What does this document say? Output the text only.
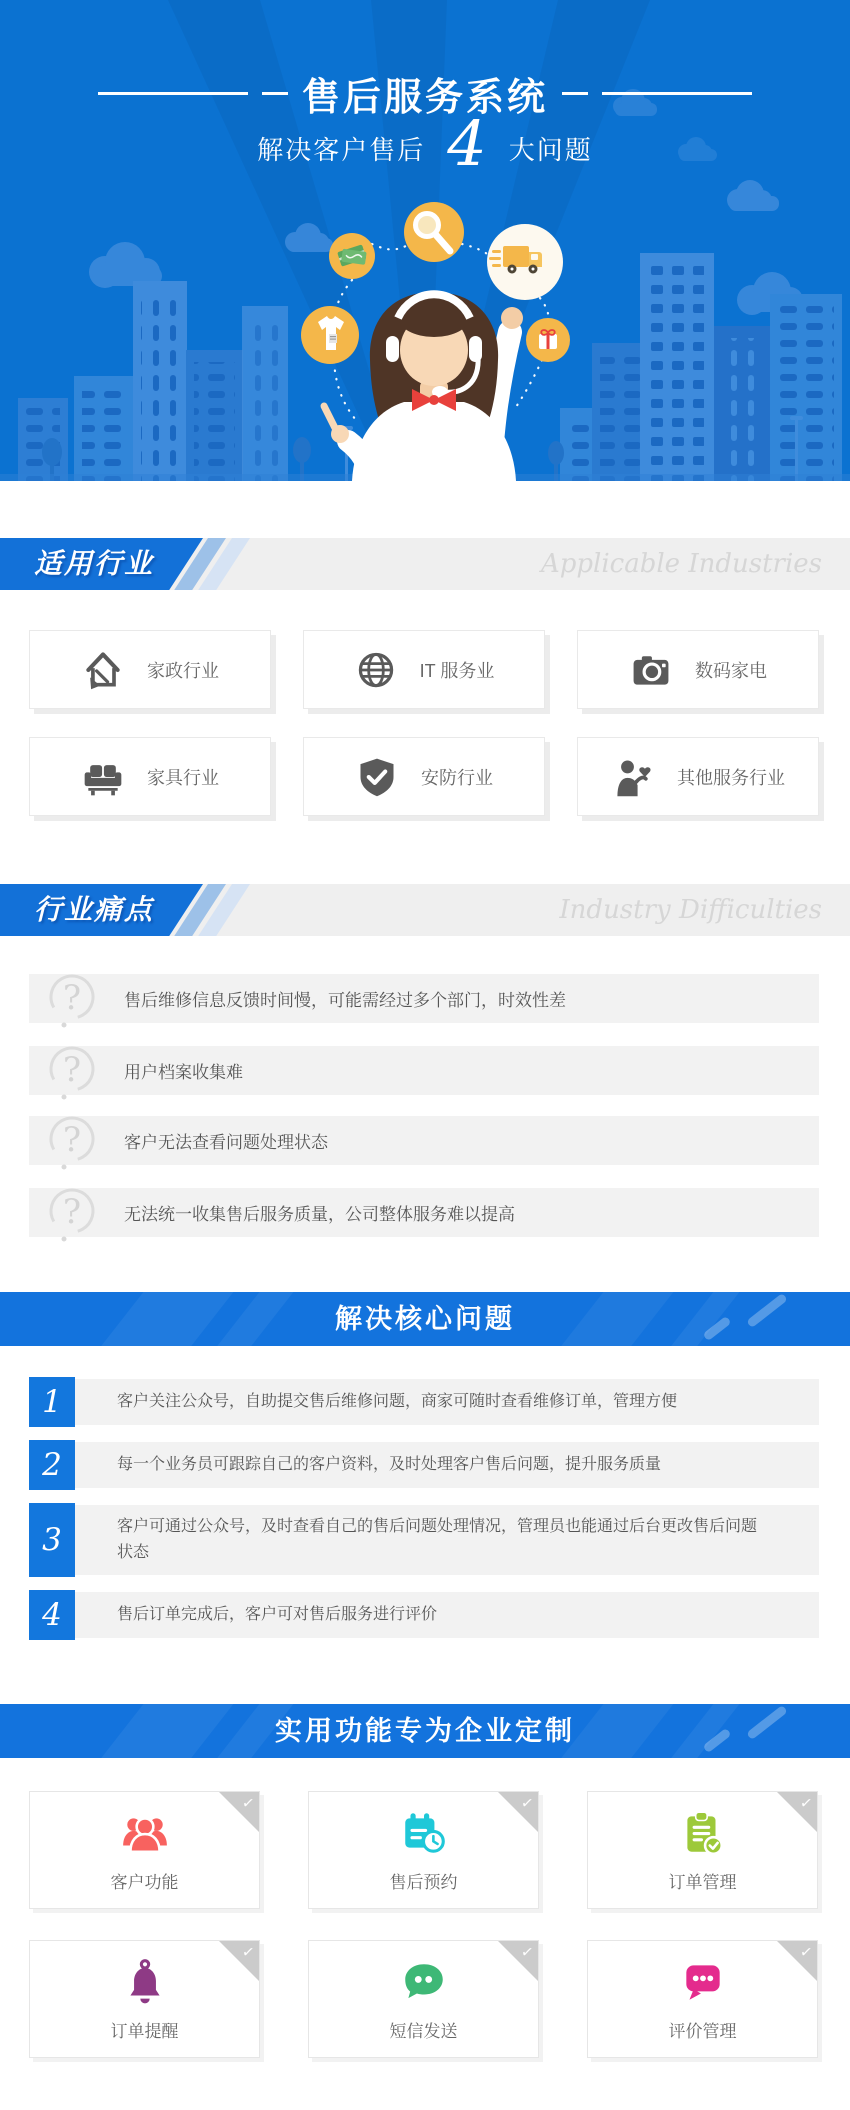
售后服务系统
解决客户售后 4 大问题
适用行业	Applicable Industries
家政行业	IT 服务业	数码家电
家具行业	安防行业	其他服务行业
行业痛点	Industry Difficulties
?	售后维修信息反馈时间慢，可能需经过多个部门，时效性差
?	用户档案收集难
?	客户无法查看问题处理状态
?	无法统一收集售后服务质量，公司整体服务难以提高
解决核心问题
1	客户关注公众号，自助提交售后维修问题，商家可随时查看维修订单，管理方便
2	每一个业务员可跟踪自己的客户资料，及时处理客户售后问题，提升服务质量
3	客户可通过公众号，及时查看自己的售后问题处理情况，管理员也能通过后台更改售后问题状态
4	售后订单完成后，客户可对售后服务进行评价
实用功能专为企业定制
✓
客户功能
✓	售后预约
✓	订单管理
✓
订单提醒
✓	短信发送
✓	评价管理
